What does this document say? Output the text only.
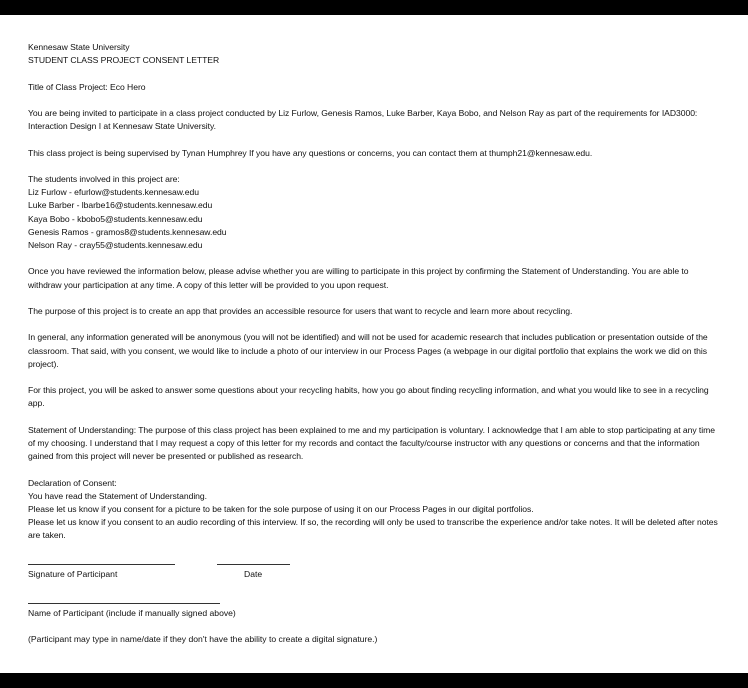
Kennesaw State University
STUDENT CLASS PROJECT CONSENT LETTER

Title of Class Project: Eco Hero

You are being invited to participate in a class project conducted by Liz Furlow, Genesis Ramos, Luke Barber, Kaya Bobo, and Nelson Ray as part of the requirements for IAD3000: Interaction Design I at Kennesaw State University.

This class project is being supervised by Tynan Humphrey If you have any questions or concerns, you can contact them at thumph21@kennesaw.edu.

The students involved in this project are:
Liz Furlow - efurlow@students.kennesaw.edu
Luke Barber - lbarbe16@students.kennesaw.edu
Kaya Bobo - kbobo5@students.kennesaw.edu
Genesis Ramos - gramos8@students.kennesaw.edu
Nelson Ray - cray55@students.kennesaw.edu

Once you have reviewed the information below, please advise whether you are willing to participate in this project by confirming the Statement of Understanding. You are able to withdraw your participation at any time. A copy of this letter will be provided to you upon request.

The purpose of this project is to create an app that provides an accessible resource for users that want to recycle and learn more about recycling.

In general, any information generated will be anonymous (you will not be identified) and will not be used for academic research that includes publication or presentation outside of the classroom. That said, with you consent, we would like to include a photo of our interview in our Process Pages (a webpage in our digital portfolio that explains the work we did on this project).

For this project, you will be asked to answer some questions about your recycling habits, how you go about finding recycling information, and what you would like to see in a recycling app.

Statement of Understanding: The purpose of this class project has been explained to me and my participation is voluntary. I acknowledge that I am able to stop participating at any time of my choosing. I understand that I may request a copy of this letter for my records and contact the faculty/course instructor with any questions or concerns and that the information gained from this project will never be presented or published as research.

Declaration of Consent:
You have read the Statement of Understanding.
Please let us know if you consent for a picture to be taken for the sole purpose of using it on our Process Pages in our digital portfolios.
Please let us know if you consent to an audio recording of this interview. If so, the recording will only be used to transcribe the experience and/or take notes. It will be deleted after notes are taken.

Signature of Participant	Date
Name of Participant (include if manually signed above)
(Participant may type in name/date if they don't have the ability to create a digital signature.)
